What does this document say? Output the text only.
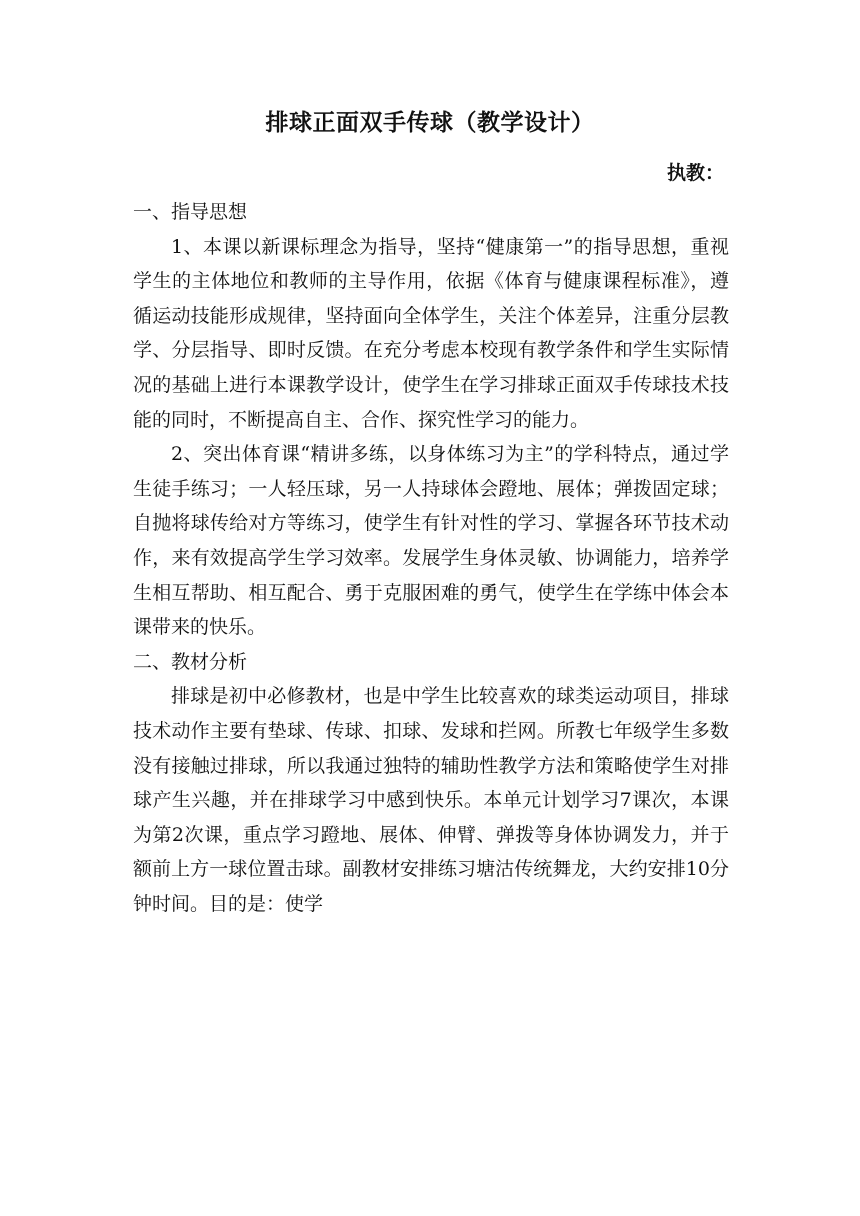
排球正面双手传球（教学设计）
执教：
一、指导思想

1、本课以新课标理念为指导，坚持“健康第一”的指导思想，重视学生的主体地位和教师的主导作用，依据《体育与健康课程标准》，遵循运动技能形成规律，坚持面向全体学生，关注个体差异，注重分层教学、分层指导、即时反馈。在充分考虑本校现有教学条件和学生实际情况的基础上进行本课教学设计，使学生在学习排球正面双手传球技术技能的同时，不断提高自主、合作、探究性学习的能力。

2、突出体育课“精讲多练，以身体练习为主”的学科特点，通过学生徒手练习；一人轻压球，另一人持球体会蹬地、展体；弹拨固定球；自抛将球传给对方等练习，使学生有针对性的学习、掌握各环节技术动作，来有效提高学生学习效率。发展学生身体灵敏、协调能力，培养学生相互帮助、相互配合、勇于克服困难的勇气，使学生在学练中体会本课带来的快乐。

二、教材分析

排球是初中必修教材，也是中学生比较喜欢的球类运动项目，排球技术动作主要有垫球、传球、扣球、发球和拦网。所教七年级学生多数没有接触过排球，所以我通过独特的辅助性教学方法和策略使学生对排球产生兴趣，并在排球学习中感到快乐。本单元计划学习7课次，本课为第2次课，重点学习蹬地、展体、伸臂、弹拨等身体协调发力，并于额前上方一球位置击球。副教材安排练习塘沽传统舞龙，大约安排10分钟时间。目的是：使学
